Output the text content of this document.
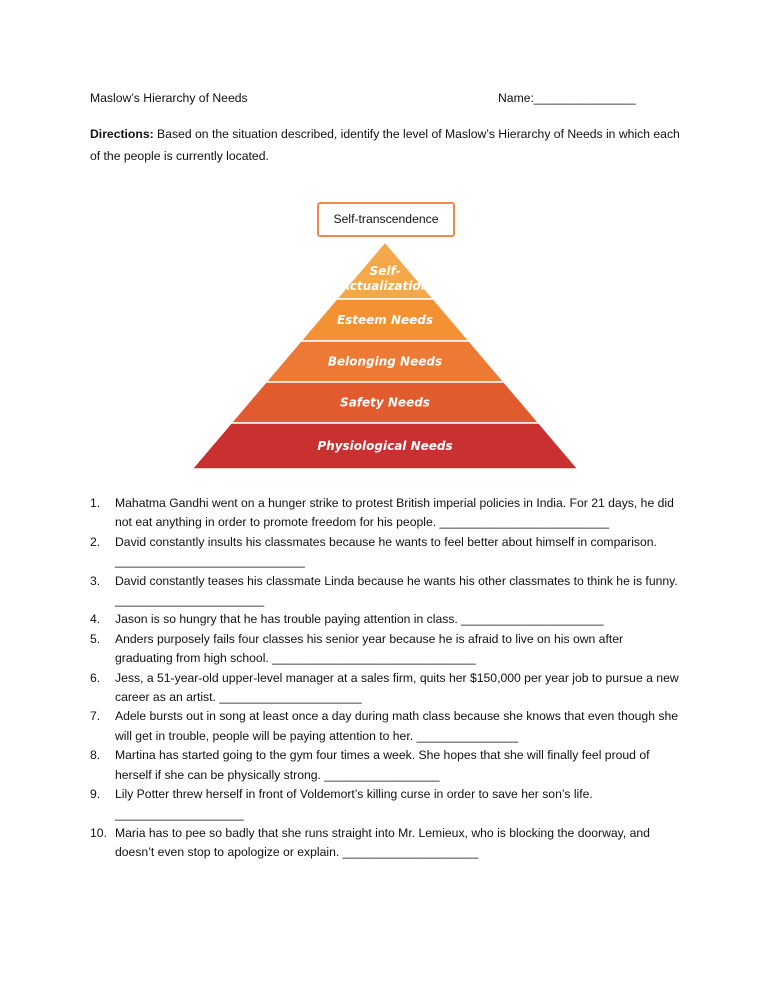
Maslow’s Hierarchy of Needs	Name:_______________
Directions: Based on the situation described, identify the level of Maslow’s Hierarchy of Needs in which each of the people is currently located.
Self-transcendence
Self-
Actualization
Esteem Needs
Belonging Needs
Safety Needs
Physiological Needs
1. Mahatma Gandhi went on a hunger strike to protest British imperial policies in India. For 21 days, he did not eat anything in order to promote freedom for his people. _________________________
2. David constantly insults his classmates because he wants to feel better about himself in comparison. ____________________________
3. David constantly teases his classmate Linda because he wants his other classmates to think he is funny. ______________________
4. Jason is so hungry that he has trouble paying attention in class. _____________________
5. Anders purposely fails four classes his senior year because he is afraid to live on his own after graduating from high school. ______________________________
6. Jess, a 51-year-old upper-level manager at a sales firm, quits her $150,000 per year job to pursue a new career as an artist. _____________________
7. Adele bursts out in song at least once a day during math class because she knows that even though she will get in trouble, people will be paying attention to her. _______________
8. Martina has started going to the gym four times a week. She hopes that she will finally feel proud of herself if she can be physically strong. _________________
9. Lily Potter threw herself in front of Voldemort’s killing curse in order to save her son’s life. ___________________
10. Maria has to pee so badly that she runs straight into Mr. Lemieux, who is blocking the doorway, and doesn’t even stop to apologize or explain. ____________________
